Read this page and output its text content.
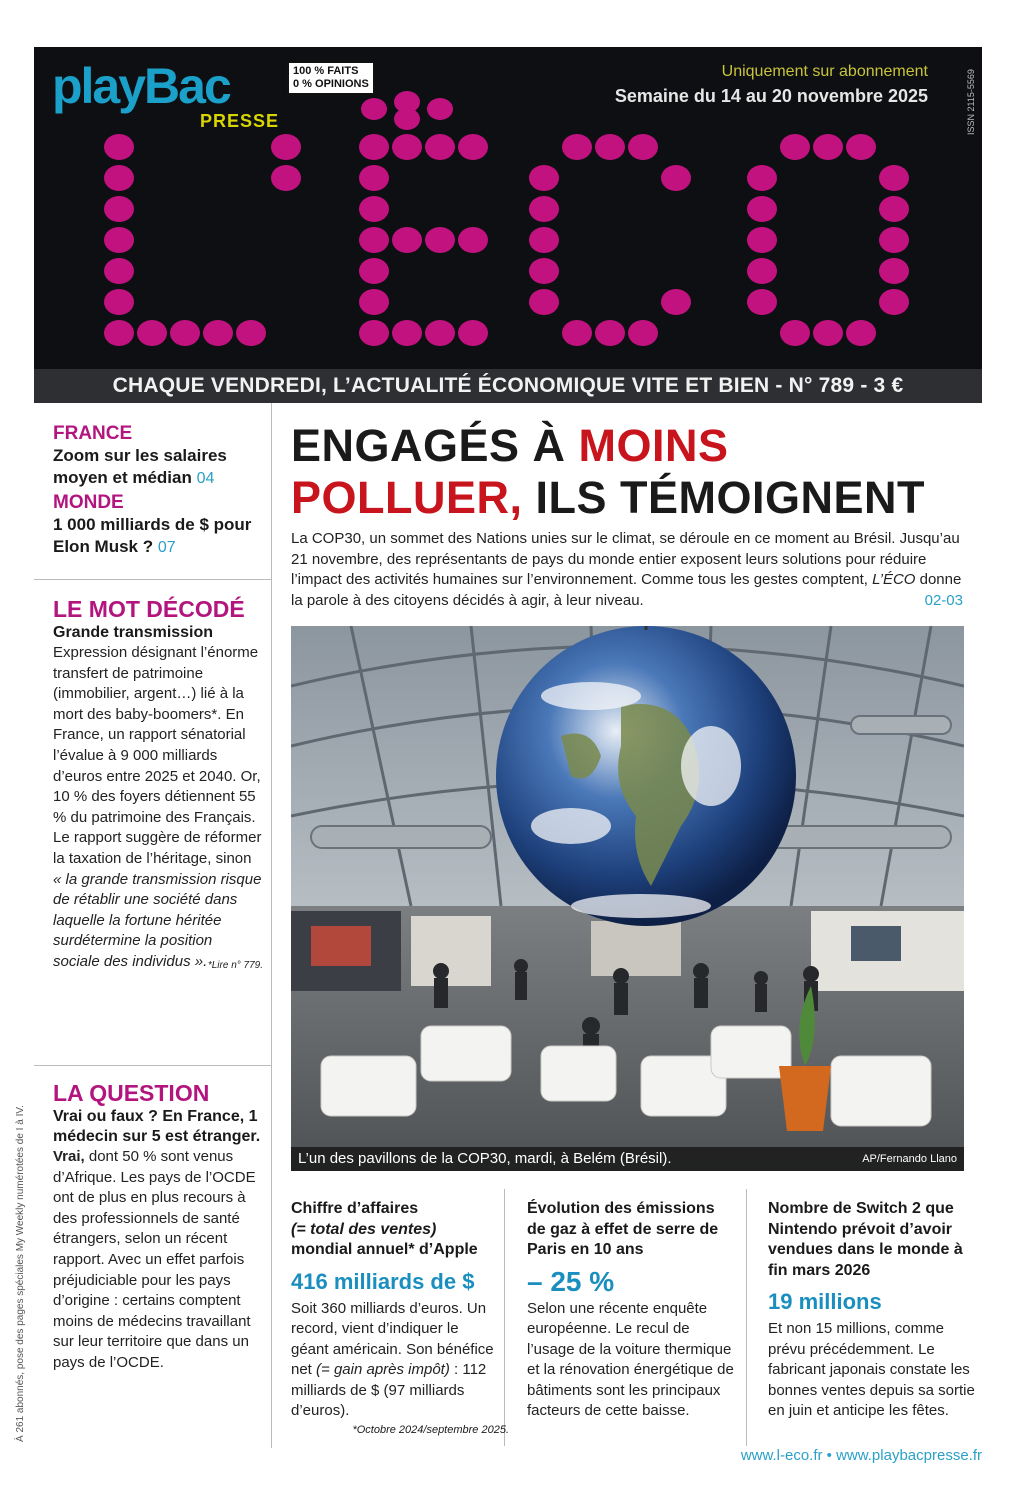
À 261 abonnés, pose des pages spéciales My Weekly numérotées de I à IV.
playBac
PRESSE
100 % FAITS
0 % OPINIONS
Uniquement sur abonnement
Semaine du 14 au 20 novembre 2025	ISSN 2115-5569
CHAQUE VENDREDI, L’ACTUALITÉ ÉCONOMIQUE VITE ET BIEN - N° 789 - 3 €
FRANCE
Zoom sur les salaires moyen et médian 04
MONDE
1 000 milliards de $ pour Elon Musk ? 07
LE MOT DÉCODÉ
Grande transmission
Expression désignant l’énorme transfert de patrimoine (immobilier, argent…) lié à la mort des baby-boomers*. En France, un rapport sénatorial l’évalue à 9 000 milliards d’euros entre 2025 et 2040. Or, 10 % des foyers détiennent 55 % du patrimoine des Français. Le rapport suggère de réformer la taxation de l’héritage, sinon « la grande transmission risque de rétablir une société dans laquelle la fortune héritée surdétermine la position sociale des individus ». *Lire n° 779.
LA QUESTION
Vrai ou faux ? En France, 1 médecin sur 5 est étranger.
Vrai, dont 50 % sont venus d’Afrique. Les pays de l’OCDE ont de plus en plus recours à des professionnels de santé étrangers, selon un récent rapport. Avec un effet parfois préjudiciable pour les pays d’origine : certains comptent moins de médecins travaillant sur leur territoire que dans un pays de l’OCDE.
ENGAGÉS À MOINS POLLUER, ILS TÉMOIGNENT
La COP30, un sommet des Nations unies sur le climat, se déroule en ce moment au Brésil. Jusqu’au 21 novembre, des représentants de pays du monde entier exposent leurs solutions pour réduire l’impact des activités humaines sur l’environnement. Comme tous les gestes comptent, L’ÉCO donne la parole à des citoyens décidés à agir, à leur niveau.	02-03
L’un des pavillons de la COP30, mardi, à Belém (Brésil).	AP/Fernando Llano
Chiffre d’affaires
(= total des ventes)
mondial annuel* d’Apple
416 milliards de $
Soit 360 milliards d’euros. Un record, vient d’indiquer le géant américain. Son bénéfice net (= gain après impôt) : 112 milliards de $ (97 milliards d’euros).
*Octobre 2024/septembre 2025.
Évolution des émissions de gaz à effet de serre de Paris en 10 ans
– 25 %
Selon une récente enquête européenne. Le recul de l’usage de la voiture thermique et la rénovation énergétique de bâtiments sont les principaux facteurs de cette baisse.
Nombre de Switch 2 que Nintendo prévoit d’avoir vendues dans le monde à fin mars 2026
19 millions
Et non 15 millions, comme prévu précédemment. Le fabricant japonais constate les bonnes ventes depuis sa sortie en juin et anticipe les fêtes.
www.l-eco.fr • www.playbacpresse.fr
